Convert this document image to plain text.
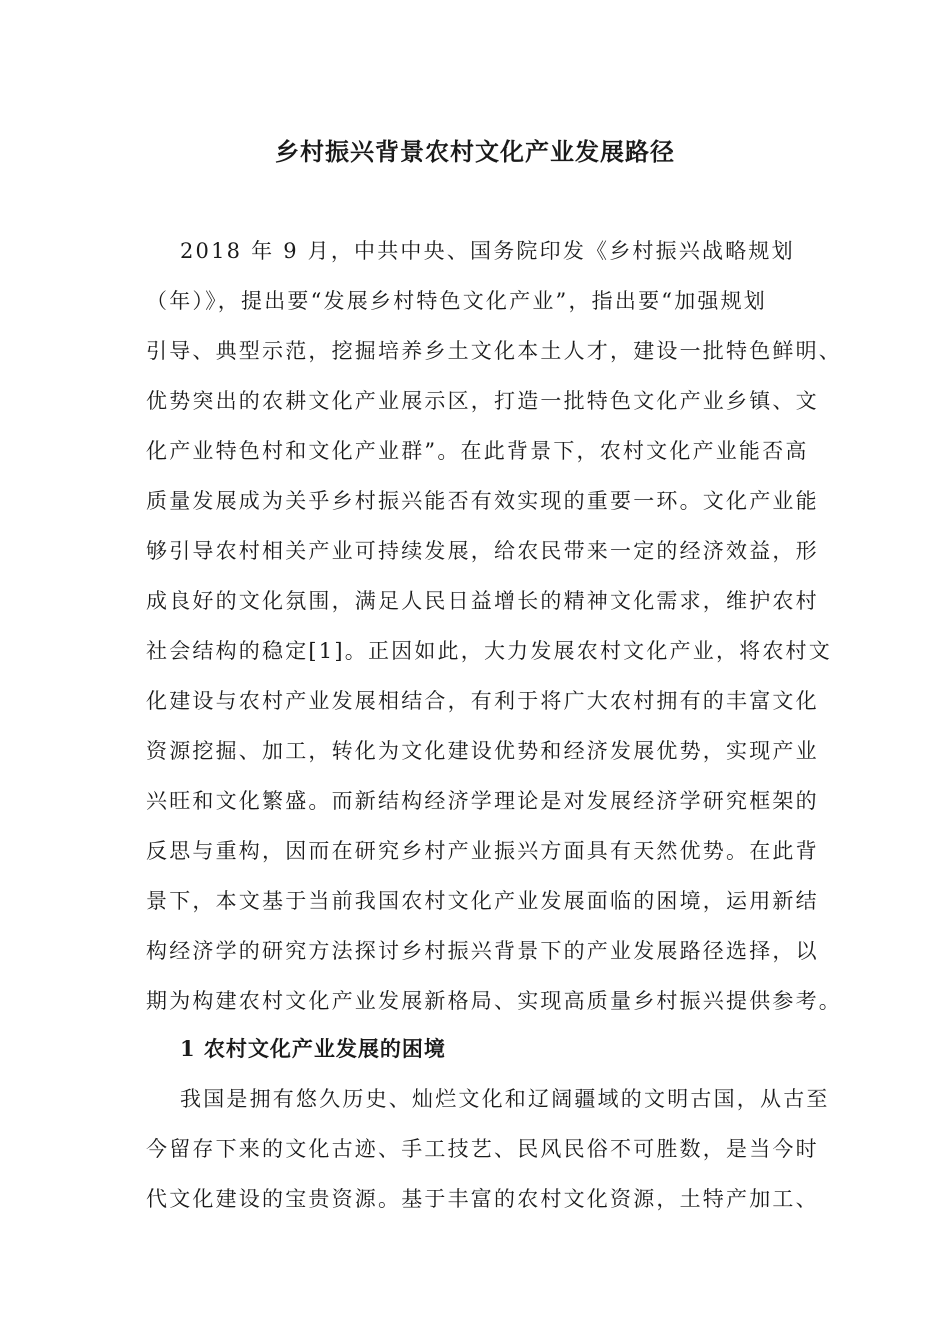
乡村振兴背景农村文化产业发展路径
2018 年 9 月，中共中央、国务院印发《乡村振兴战略规划
（年）》，提出要“发展乡村特色文化产业”，指出要“加强规划
引导、典型示范，挖掘培养乡土文化本土人才，建设一批特色鲜明、
优势突出的农耕文化产业展示区，打造一批特色文化产业乡镇、文
化产业特色村和文化产业群”。在此背景下，农村文化产业能否高
质量发展成为关乎乡村振兴能否有效实现的重要一环。文化产业能
够引导农村相关产业可持续发展，给农民带来一定的经济效益，形
成良好的文化氛围，满足人民日益增长的精神文化需求，维护农村
社会结构的稳定[1]。正因如此，大力发展农村文化产业，将农村文
化建设与农村产业发展相结合，有利于将广大农村拥有的丰富文化
资源挖掘、加工，转化为文化建设优势和经济发展优势，实现产业
兴旺和文化繁盛。而新结构经济学理论是对发展经济学研究框架的
反思与重构，因而在研究乡村产业振兴方面具有天然优势。在此背
景下，本文基于当前我国农村文化产业发展面临的困境，运用新结
构经济学的研究方法探讨乡村振兴背景下的产业发展路径选择，以
期为构建农村文化产业发展新格局、实现高质量乡村振兴提供参考。
1 农村文化产业发展的困境
我国是拥有悠久历史、灿烂文化和辽阔疆域的文明古国，从古至
今留存下来的文化古迹、手工技艺、民风民俗不可胜数，是当今时
代文化建设的宝贵资源。基于丰富的农村文化资源，土特产加工、
